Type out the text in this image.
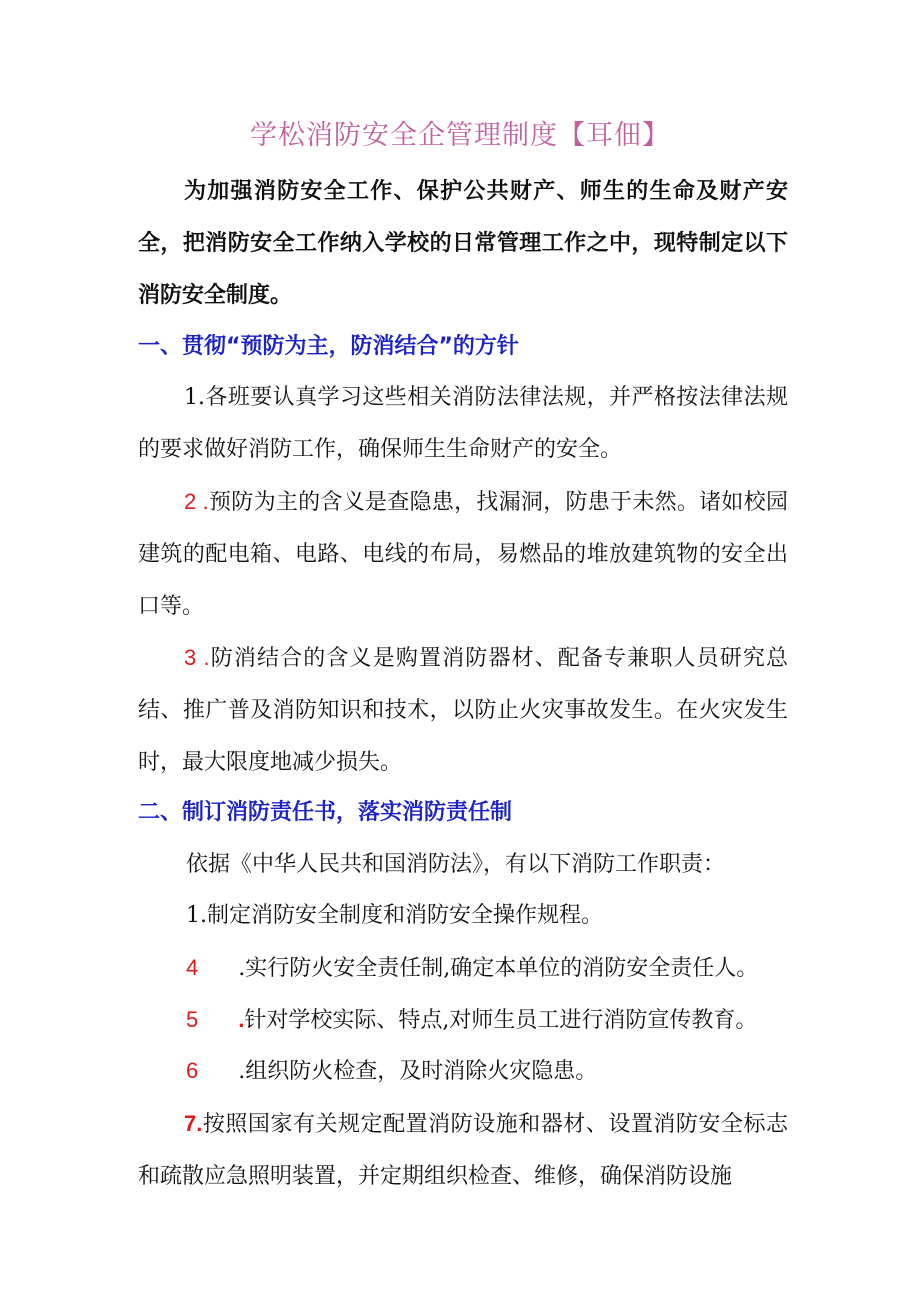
学松消防安全企管理制度【耳佃】
为加强消防安全工作、保护公共财产、师生的生命及财产安全，把消防安全工作纳入学校的日常管理工作之中，现特制定以下消防安全制度。
一、贯彻“预防为主，防消结合”的方针
1.各班要认真学习这些相关消防法律法规，并严格按法律法规的要求做好消防工作，确保师生生命财产的安全。
2 .预防为主的含义是查隐患，找漏洞，防患于未然。诸如校园建筑的配电箱、电路、电线的布局，易燃品的堆放建筑物的安全出口等。
3 .防消结合的含义是购置消防器材、配备专兼职人员研究总结、推广普及消防知识和技术，以防止火灾事故发生。在火灾发生时，最大限度地减少损失。
二、制订消防责任书，落实消防责任制
依据《中华人民共和国消防法》，有以下消防工作职责：
1.制定消防安全制度和消防安全操作规程。
4 .实行防火安全责任制,确定本单位的消防安全责任人。
5 .针对学校实际、特点,对师生员工进行消防宣传教育。
6 .组织防火检查，及时消除火灾隐患。
7.按照国家有关规定配置消防设施和器材、设置消防安全标志和疏散应急照明装置，并定期组织检查、维修，确保消防设施
